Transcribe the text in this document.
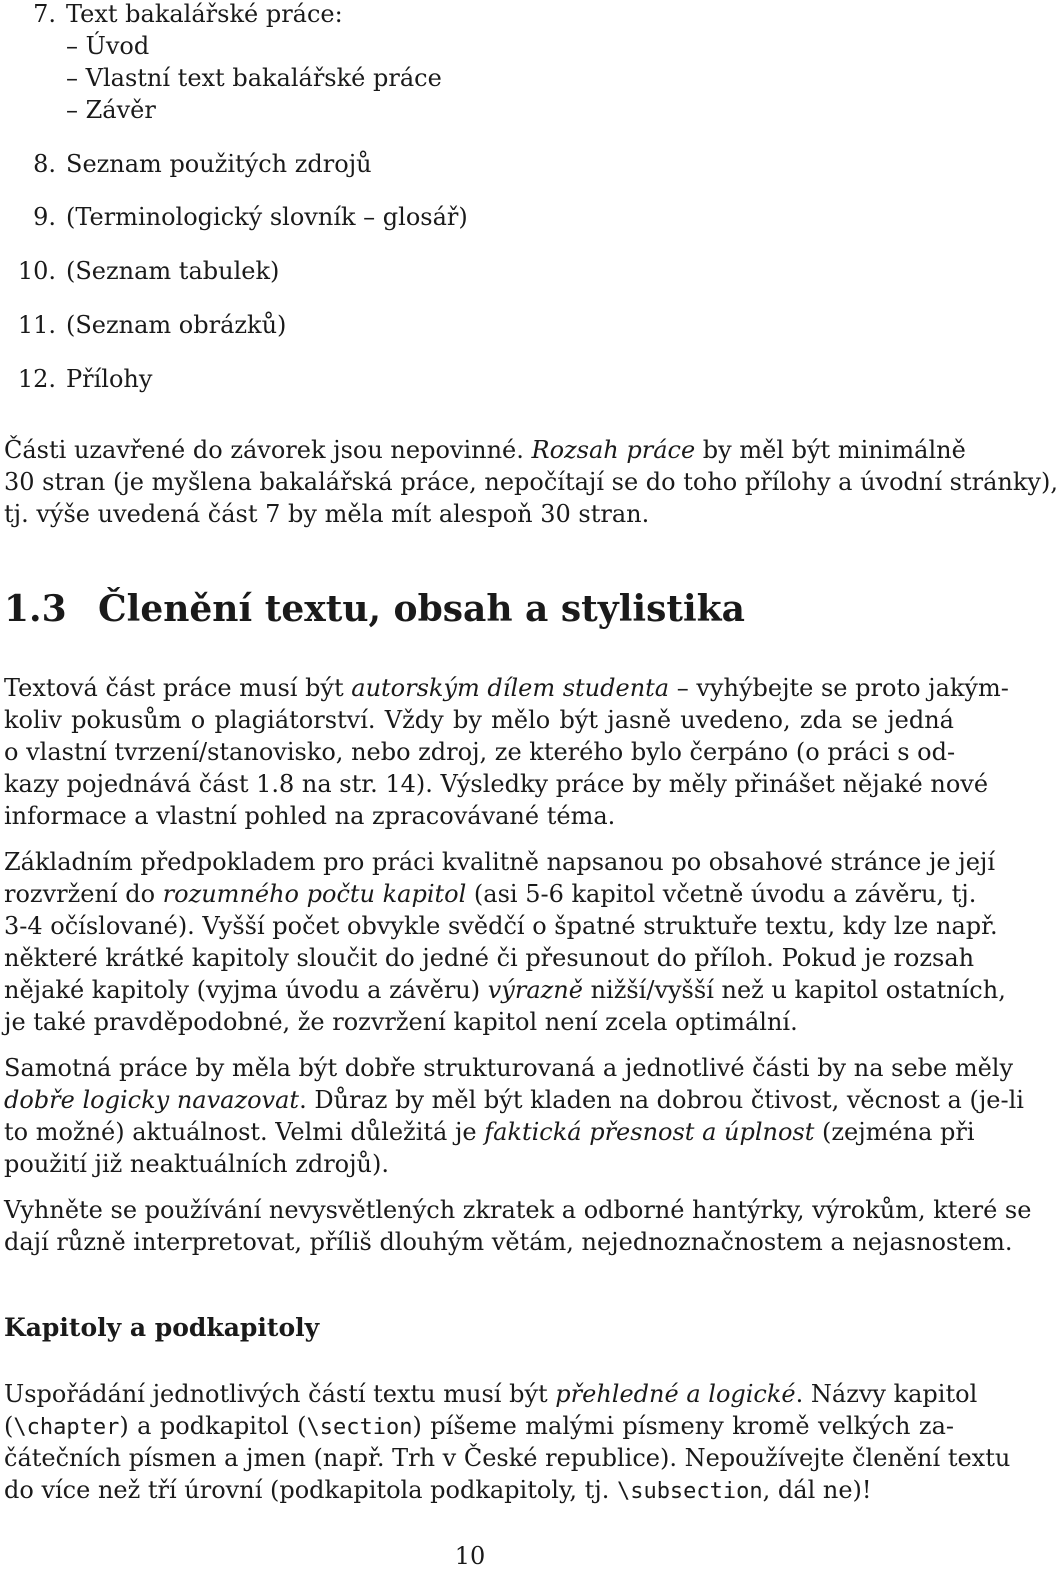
7. Text bakalářské práce:
– Úvod
– Vlastní text bakalářské práce
– Závěr
8. Seznam použitých zdrojů
9. (Terminologický slovník – glosář)
10. (Seznam tabulek)
11. (Seznam obrázků)
12. Přílohy
Části uzavřené do závorek jsou nepovinné. Rozsah práce by měl být minimálně
30 stran (je myšlena bakalářská práce, nepočítají se do toho přílohy a úvodní stránky),
tj. výše uvedená část 7 by měla mít alespoň 30 stran.
1.3 Členění textu, obsah a stylistika
Textová část práce musí být autorským dílem studenta – vyhýbejte se proto jakým-
koliv pokusům o plagiátorství. Vždy by mělo být jasně uvedeno, zda se jedná
o vlastní tvrzení/stanovisko, nebo zdroj, ze kterého bylo čerpáno (o práci s od-
kazy pojednává část 1.8 na str. 14). Výsledky práce by měly přinášet nějaké nové
informace a vlastní pohled na zpracovávané téma.
Základním předpokladem pro práci kvalitně napsanou po obsahové stránce je její
rozvržení do rozumného počtu kapitol (asi 5-6 kapitol včetně úvodu a závěru, tj.
3-4 očíslované). Vyšší počet obvykle svědčí o špatné struktuře textu, kdy lze např.
některé krátké kapitoly sloučit do jedné či přesunout do příloh. Pokud je rozsah
nějaké kapitoly (vyjma úvodu a závěru) výrazně nižší/vyšší než u kapitol ostatních,
je také pravděpodobné, že rozvržení kapitol není zcela optimální.
Samotná práce by měla být dobře strukturovaná a jednotlivé části by na sebe měly
dobře logicky navazovat. Důraz by měl být kladen na dobrou čtivost, věcnost a (je-li
to možné) aktuálnost. Velmi důležitá je faktická přesnost a úplnost (zejména při
použití již neaktuálních zdrojů).
Vyhněte se používání nevysvětlených zkratek a odborné hantýrky, výrokům, které se
dají různě interpretovat, příliš dlouhým větám, nejednoznačnostem a nejasnostem.
Kapitoly a podkapitoly
Uspořádání jednotlivých částí textu musí být přehledné a logické. Názvy kapitol
(\chapter) a podkapitol (\section) píšeme malými písmeny kromě velkých za-
čátečních písmen a jmen (např. Trh v České republice). Nepoužívejte členění textu
do více než tří úrovní (podkapitola podkapitoly, tj. \subsection, dál ne)!
10
